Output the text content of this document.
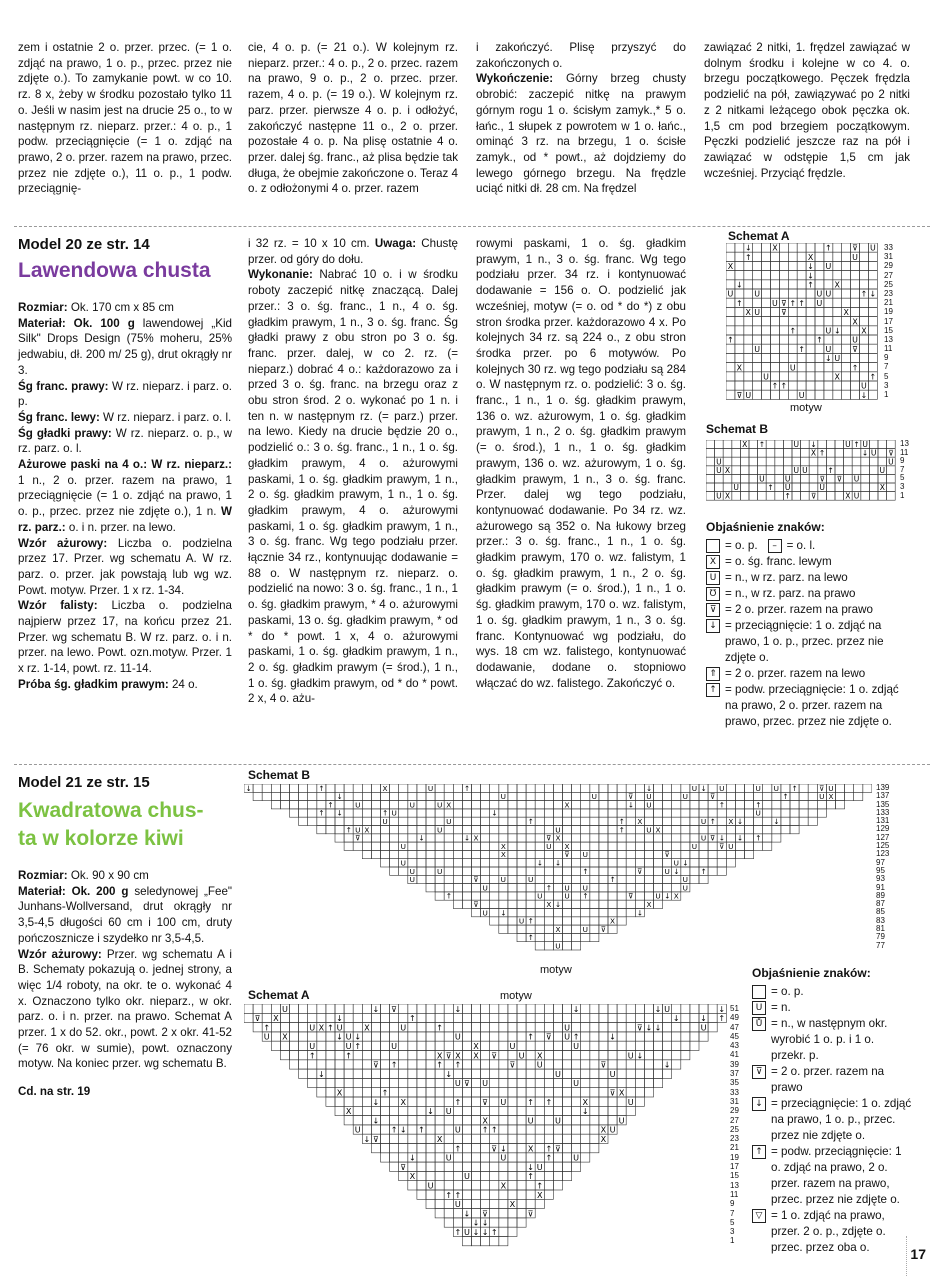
zem i ostatnie 2 o. przer. przec. (= 1 o. zdjąć na prawo, 1 o. p., przec. przez nie zdjęte o.). To zamykanie powt. w co 10. rz. 8 x, żeby w środku pozostało tylko 11 o. Jeśli w nasim jest na drucie 25 o., to w następnym rz. nieparz. przer.: 4 o. p., 1 podw. przeciągnięcie (= 1 o. zdjąć na prawo, 2 o. przer. razem na prawo, przec. przez nie zdjęte o.), 11 o. p., 1 podw. przeciągnię-

cie, 4 o. p. (= 21 o.). W kolejnym rz. nieparz. przer.: 4 o. p., 2 o. przec. razem na prawo, 9 o. p., 2 o. przec. przer. razem, 4 o. p. (= 19 o.). W kolejnym rz. parz. przer. pierwsze 4 o. p. i odłożyć, zakończyć następne 11 o., 2 o. przer. pozostałe 4 o. p. Na plisę ostatnie 4 o. przer. dalej śg. franc., aż plisa będzie tak długa, że obejmie zakończone o. Teraz 4 o. z odłożonymi 4 o. przer. razem

i zakończyć. Plisę przyszyć do zakończonych o.

Wykończenie: Górny brzeg chusty obrobić: zaczepić nitkę na prawym górnym rogu 1 o. ścisłym zamyk.,* 5 o. łańc., 1 słupek z powrotem w 1 o. łańc., ominąć 3 rz. na brzegu, 1 o. ścisłe zamyk., od * powt., aż dojdziemy do lewego górnego brzegu. Na frędzle uciąć nitki dł. 28 cm. Na frędzel

zawiązać 2 nitki, 1. frędzel zawiązać w dolnym środku i kolejne w co 4. o. brzegu początkowego. Pęczek frędzla podzielić na pół, zawiązywać po 2 nitki z 2 nitkami leżącego obok pęczka ok. 1,5 cm pod brzegiem początkowym. Pęczki podzielić jeszcze raz na pół i zawiązać w odstępie 1,5 cm jak wcześniej. Przyciąć frędzle.

Model 20 ze str. 14
Lawendowa chusta

Rozmiar: Ok. 170 cm x 85 cm

Materiał: Ok. 100 g lawendowej „Kid Silk" Drops Design (75% moheru, 25% jedwabiu, dł. 200 m/ 25 g), drut okrągły nr 3.

Śg franc. prawy: W rz. nieparz. i parz. o. p.

Śg franc. lewy: W rz. nieparz. i parz. o. l.

Śg gładki prawy: W rz. nieparz. o. p., w rz. parz. o. l.

Ażurowe paski na 4 o.: W rz. nieparz.: 1 n., 2 o. przer. razem na prawo, 1 przeciągnięcie (= 1 o. zdjąć na prawo, 1 o. p., przec. przez nie zdjęte o.), 1 n. W rz. parz.: o. i n. przer. na lewo.

Wzór ażurowy: Liczba o. podzielna przez 17. Przer. wg schematu A. W rz. parz. o. przer. jak powstają lub wg wz. Powt. motyw. Przer. 1 x rz. 1-34.

Wzór falisty: Liczba o. podzielna najpierw przez 17, na końcu przez 21. Przer. wg schematu B. W rz. parz. o. i n. przer. na lewo. Powt. ozn.motyw. Przer. 1 x rz. 1-14, powt. rz. 11-14.

Próba śg. gładkim prawym: 24 o.

i 32 rz. = 10 x 10 cm. Uwaga: Chustę przer. od góry do dołu.

Wykonanie: Nabrać 10 o. i w środku roboty zaczepić nitkę znaczącą. Dalej przer.: 3 o. śg. franc., 1 n., 4 o. śg. gładkim prawym, 1 n., 3 o. śg. franc. Śg gładki prawy z obu stron po 3 o. śg. franc. przer. dalej, w co 2. rz. (= nieparz.) dobrać 4 o.: każdorazowo za i przed 3 o. śg. franc. na brzegu oraz z obu stron środ. 2 o. wykonać po 1 n. i ten n. w następnym rz. (= parz.) przer. na lewo. Kiedy na drucie będzie 20 o., podzielić o.: 3 o. śg. franc., 1 n., 1 o. śg. gładkim prawym, 4 o. ażurowymi paskami, 1 o. śg. gładkim prawym, 1 n., 2 o. śg. gładkim prawym, 1 n., 1 o. śg. gładkim prawym, 4 o. ażurowymi paskami, 1 o. śg. gładkim prawym, 1 n., 3 o. śg. franc. Wg tego podziału przer. łącznie 34 rz., kontynuując dodawanie = 88 o. W następnym rz. nieparz. o. podzielić na nowo: 3 o. śg. franc., 1 n., 1 o. śg. gładkim prawym, * 4 o. ażurowymi paskami, 13 o. śg. gładkim prawym, * od * do * powt. 1 x, 4 o. ażurowymi paskami, 1 o. śg. gładkim prawym, 1 n., 2 o. śg. gładkim prawym (= środ.), 1 n., 1 o. śg. gładkim prawym, od * do * powt. 2 x, 4 o. ażu-

rowymi paskami, 1 o. śg. gładkim prawym, 1 n., 3 o. śg. franc. Wg tego podziału przer. 34 rz. i kontynuować dodawanie = 156 o. O. podzielić jak wcześniej, motyw (= o. od * do *) z obu stron środka przer. każdorazowo 4 x. Po kolejnych 34 rz. są 224 o., z obu stron środka przer. po 6 motywów. Po kolejnych 30 rz. wg tego podziału są 284 o. W następnym rz. o. podzielić: 3 o. śg. franc., 1 n., 1 o. śg. gładkim prawym, 136 o. wz. ażurowym, 1 o. śg. gładkim prawym, 1 n., 2 o. śg. gładkim prawym (= o. środ.), 1 n., 1 o. śg. gładkim prawym, 136 o. wz. ażurowym, 1 o. śg. gładkim prawym, 1 n., 3 o. śg. franc. Przer. dalej wg tego podziału, kontynuować dodawanie. Po 34 rz. wz. ażurowego są 352 o. Na łukowy brzeg przer.: 3 o. śg. franc., 1 n., 1 o. śg. gładkim prawym, 170 o. wz. falistym, 1 o. śg. gładkim prawym, 1 n., 2 o. śg. gładkim prawym (= o. środ.), 1 n., 1 o. śg. gładkim prawym, 170 o. wz. falistym, 1 o. śg. gładkim prawym, 1 n., 3 o. śg. franc. Kontynuować wg podziału, do wys. 18 cm wz. falistego, kontynuować dodawanie, dodane o. stopniowo włączać do wz. falistego. Zakończyć o.

Schemat A
↓	X	↑	⊽ U
↑	X	U
X	↓ U
↓
↓	↑	X
U	U	U U	↑ ↓
↑	U ⊽ ↑ ↑ U
X U	⊽	X
X
↑	U ↓	X
↑	↑	U
U	↑	U	⊽
↓ U
X	U	↑
U	X	↑
↑ ↑	U
⊽ U	U	↓
33
31
29
27
25
23
21
19
17
15
13
11
9
7
5
3
1
motyw
Schemat B
X ↑	U ↓	U ↑ U
X ↑	↓ U ⊽
U	U
U X	U U	↑	U
U	U	⊽ ⊽ U
U	↑ U	U	X
U X	↑	⊽	X U
13
11
9
7
5
3
1
Objaśnienie znaków:
= o. p.	– = o. l.
X = o. śg. franc. lewym
U = n., w rz. parz. na lewo
Ʊ = n., w rz. parz. na prawo
⊽ = 2 o. przer. razem na prawo
↓ = przeciągnięcie: 1 o. zdjąć na prawo, 1 o. p., przec. przez nie zdjęte o.
⇑ = 2 o. przer. razem na lewo
↑ = podw. przeciągnięcie: 1 o. zdjąć na prawo, 2 o. przer. razem na prawo, przec. przez nie zdjęte o.
Model 21 ze str. 15
Kwadratowa chus-
ta w kolorze kiwi

Rozmiar: Ok. 90 x 90 cm

Materiał: Ok. 200 g seledynowej „Fee" Junhans-Wollversand, drut okrągły nr 3,5-4,5 długości 60 cm i 100 cm, druty pończosznicze i szydełko nr 3,5-4,5.

Wzór ażurowy: Przer. wg schematu A i B. Schematy pokazują o. jednej strony, a więc 1/4 roboty, na okr. te o. wykonać 4 x. Oznaczono tylko okr. nieparz., w okr. parz. o. i n. przer. na prawo. Schemat A przer. 1 x do 52. okr., powt. 2 x okr. 41-52 (= 76 okr. w sumie), powt. oznaczony motyw. Na koniec przer. wg schematu B.

Cd. na str. 19

Schemat B
↓	↑	X	U	↑	↓	U ↓ U	U U ↑	⊽ U
↓	U	U	⊽ U	U	⊽	↑	U X
↑	U	U	U X	X	↓ U	↑	↑
↑ ↓	↑ U	↓	U
U	U	↑	↑ X	U ↑ X ↓	↓
↑ U X	U	U	↑	U X
⊽	↓	↓ X	⊽ X	U ⊽ ↓ ↓ ↑
U	X	U X	U	⊽ U
X	⊽ U	⊽
U	↓ ↓	U ↓
U	U	↑	⊽	U ↓	↑
U	⊽	U	U	↑	U
U	↑ U U	U
↑	U	U ↑	⊽	U ↓ X
⊽	X ↓	X
U ↓	↓
U ↑	X
X	U ⊽
↑
U
139
137
135
133
131
129
127
125
123
97
95
93
91
89
87
85
83
81
79
77
motyw
Schemat A	motyw
U	↓ ⊽	↓	↓	↓ U	↓
⊽ X	↓	↑	↓	↓ ↑
↑	U X ↑ U	X	U	↑	U	⊽ ↓ ↓	U
U X	↓ U ↓	U	↑ ⊽ U ↑	↓
U	U ↑	U	X	U	U
↑	↑	X ⊽ X X ⊽	U X	U ↓
⊽ ↑	↑ ↑	⊽	U	⊽	↓
↓	↓	U	U
U ⊽ U	U
X	↑	⊽ X
↓	X	↑	⊽ U	↑ ↑	X	U
X	↓ U	↓
↓	X	U	U	U
U	↑ ↓ ↑	U	↑ ↑	X U
↓ ⊽	X	X
↑	⊽ ↓	X ↑ ⊽
↓	U	U	↑	U
⊽	↓ U
X	U	↑
U	X	↑
↑ ↑	X
U	X
↓ ⊽	⊽
↓ ↓
↑ U ↓ ↓ ↑
51
49
47
45
43
41
39
37
35
33
31
29
27
25
23
21
19
17
15
13
11
9
7
5
3
1
Objaśnienie znaków:
= o. p.
U = n.
Ů = n., w następnym okr. wyrobić 1 o. p. i 1 o. przekr. p.
⊽ = 2 o. przer. razem na prawo
↓ = przeciągnięcie: 1 o. zdjąć na prawo, 1 o. p., przec. przez nie zdjęte o.
↑ = podw. przeciągnięcie: 1 o. zdjąć na prawo, 2 o. przer. razem na prawo, przec. przez nie zdjęte o.
▽ = 1 o. zdjąć na prawo, przer. 2 o. p., zdjęte o. przec. przez oba o.	17
